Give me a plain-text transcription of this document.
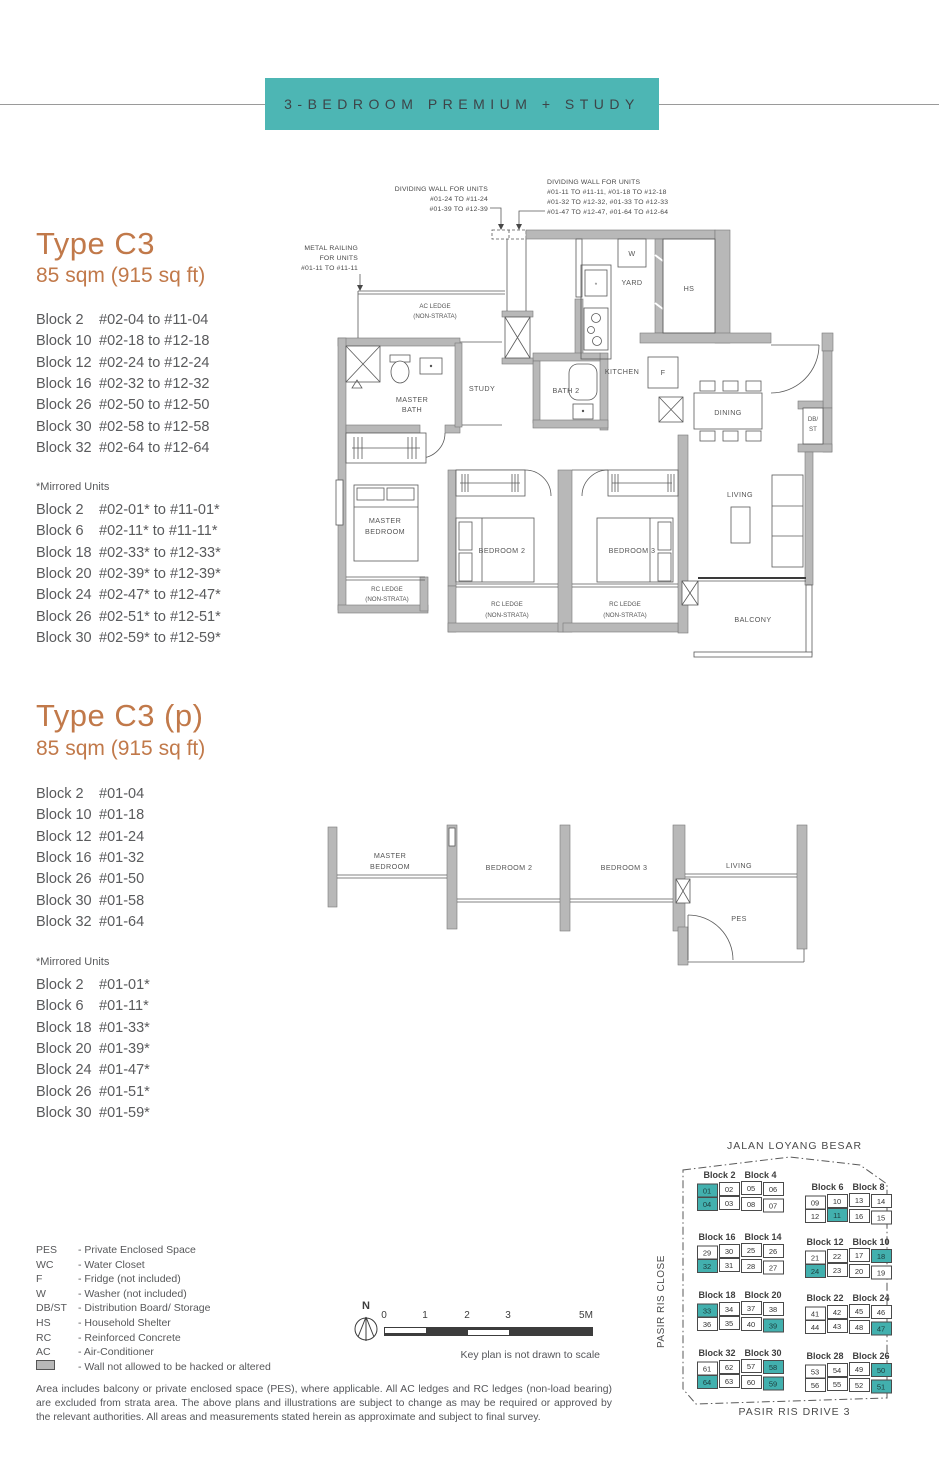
3-BEDROOM PREMIUM + STUDY
Type C3
85 sqm (915 sq ft)
Block 2	#02-04 to #11-04
Block 10 #02-18 to #12-18
Block 12 #02-24 to #12-24
Block 16 #02-32 to #12-32
Block 26 #02-50 to #12-50
Block 30 #02-58 to #12-58
Block 32 #02-64 to #12-64
*Mirrored Units
Block 2	#02-01* to #11-01*
Block 6	#02-11* to #11-11*
Block 18 #02-33* to #12-33*
Block 20 #02-39* to #12-39*
Block 24 #02-47* to #12-47*
Block 26 #02-51* to #12-51*
Block 30 #02-59* to #12-59*
Type C3 (p)
85 sqm (915 sq ft)
Block 2	#01-04
Block 10 #01-18
Block 12 #01-24
Block 16 #01-32
Block 26 #01-50
Block 30 #01-58
Block 32 #01-64
*Mirrored Units
Block 2	#01-01*
Block 6	#01-11*
Block 18 #01-33*
Block 20 #01-39*
Block 24 #01-47*
Block 26 #01-51*
Block 30 #01-59*
DIVIDING WALL FOR UNITS
#01-24 TO #11-24
#01-39 TO #12-39
DIVIDING WALL FOR UNITS
#01-11 TO #11-11, #01-18 TO #12-18
#01-32 TO #12-32, #01-33 TO #12-33
#01-47 TO #12-47, #01-64 TO #12-64
METAL RAILING
FOR UNITS
#01-11 TO #11-11
*
AC LEDGE
(NON-STRATA)
HS
W
YARD
KITCHEN	F
STUDY	BATH 2
MASTER
BATH	DINING
DB/
ST
LIVING
BALCONY
MASTER
BEDROOM
BEDROOM 2	BEDROOM 3
RC LEDGE
(NON-STRATA)
RC LEDGE
(NON-STRATA)
RC LEDGE
(NON-STRATA)
MASTER
BEDROOM	BEDROOM 2	BEDROOM 3	LIVING
PES
PES	- Private Enclosed Space
WC	- Water Closet
F	- Fridge (not included)
W	- Washer (not included)
DB/ST	- Distribution Board/ Storage
HS	- Household Shelter
RC	- Reinforced Concrete
AC	- Air-Conditioner
- Wall not allowed to be hacked or altered
N
0	1	2	3	5M
Key plan is not drawn to scale
JALAN LOYANG BESAR
PASIR RIS CLOSE
PASIR RIS DRIVE 3
Block 2 Block 4
01	02	05	06
04	03	08	07
Block 6 Block 8
09	10	13	14
12	11	16	15
Block 16 Block 14
29	30	25	26
32	31	28	27
Block 12 Block 10
21	22	17	18
24	23	20	19
Block 18 Block 20
33	34	37	38
36	35	40	39
Block 22 Block 24
41	42	45	46
44	43	48	47
Block 32 Block 30
61	62	57	58
64	63	60	59
Block 28 Block 26
53	54	49	50
56	55	52	51
Area includes balcony or private enclosed space (PES), where applicable. All AC ledges and RC ledges (non-load bearing) are excluded from strata area. The above plans and illustrations are subject to change as may be required or approved by the relevant authorities. All areas and measurements stated herein as approximate and subject to final survey.
